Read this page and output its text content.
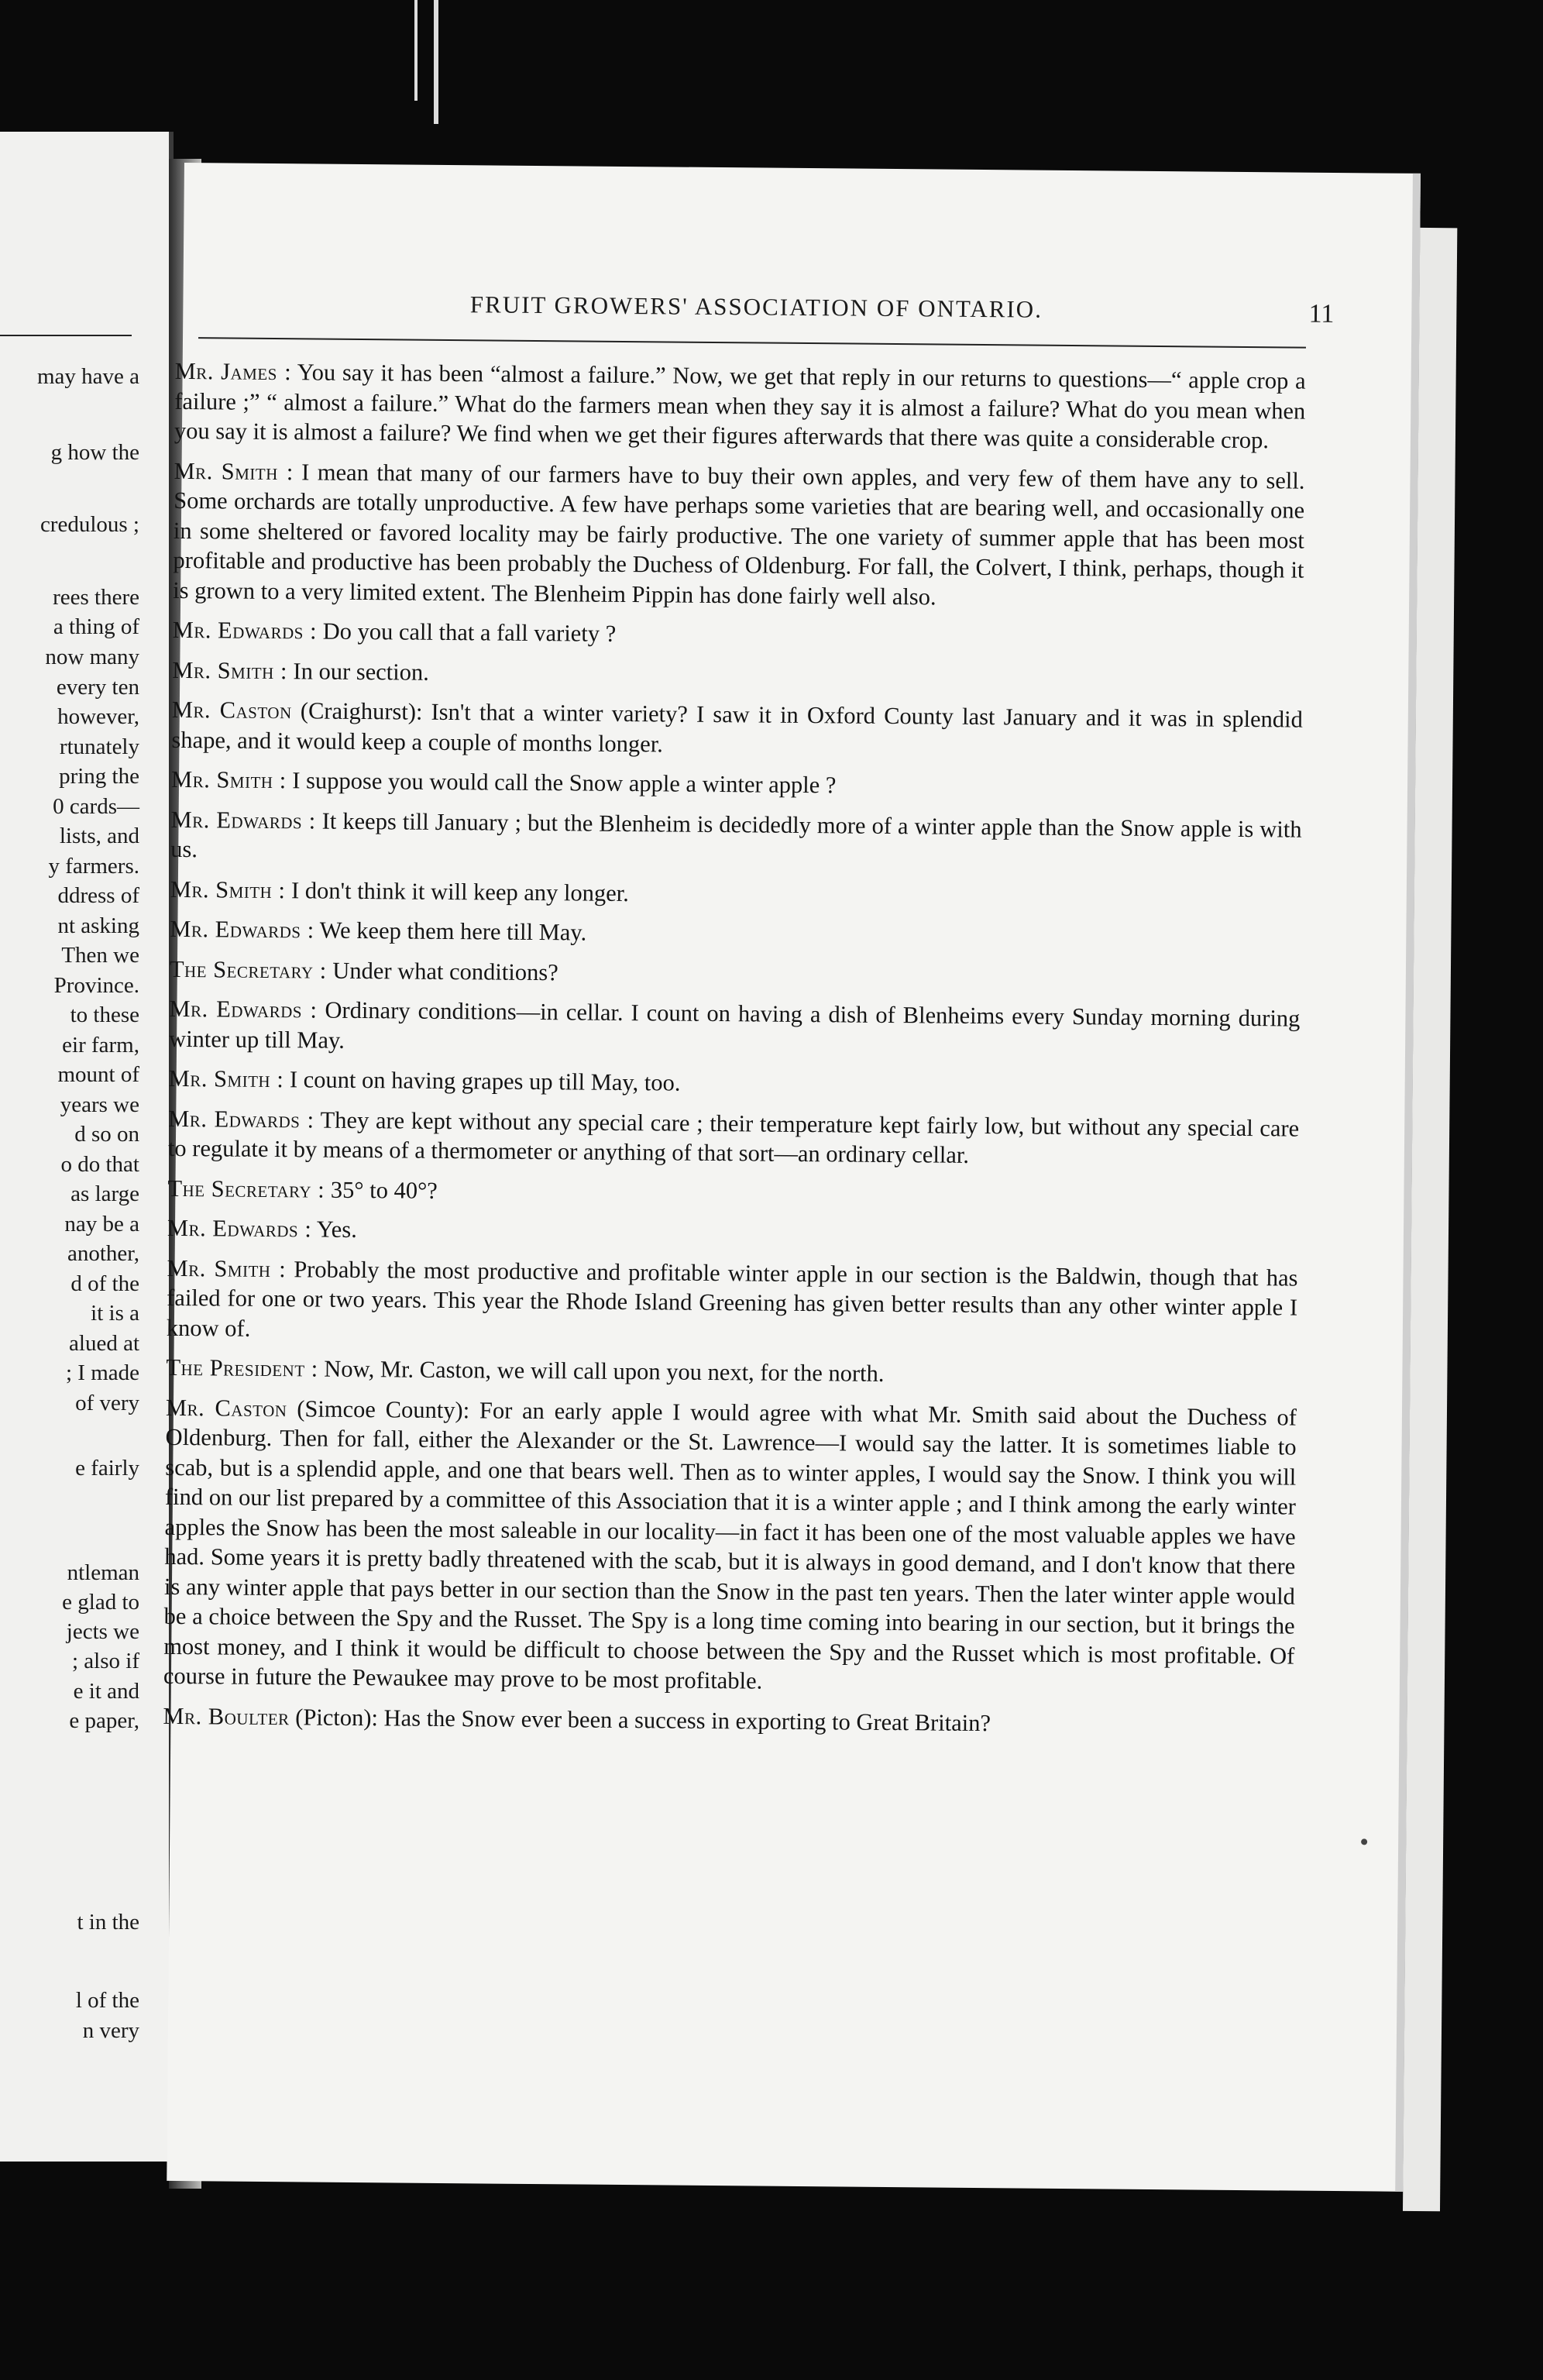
may have a
g how the
credulous ;
rees there
a thing of
now many
every ten
however,
rtunately
pring the
0 cards—
lists, and
y farmers.
ddress of
nt asking
Then we
Province.
to these
eir farm,
mount of
years we
d so on
o do that
as large
nay be a
another,
d of the
it is a
alued at
; I made
of very
e fairly
ntleman
e glad to
jects we
; also if
e it and
e paper,
t in the
l of the
n very
FRUIT GROWERS' ASSOCIATION OF ONTARIO.	11

Mr. James : You say it has been “almost a failure.” Now, we get that reply in our returns to questions—“ apple crop a failure ;” “ almost a failure.” What do the farmers mean when they say it is almost a failure? What do you mean when you say it is almost a failure? We find when we get their figures afterwards that there was quite a considerable crop.

Mr. Smith : I mean that many of our farmers have to buy their own apples, and very few of them have any to sell. Some orchards are totally unproductive. A few have perhaps some varieties that are bearing well, and occasionally one in some sheltered or favored locality may be fairly productive. The one variety of summer apple that has been most profitable and productive has been probably the Duchess of Oldenburg. For fall, the Colvert, I think, perhaps, though it is grown to a very limited extent. The Blenheim Pippin has done fairly well also.

Mr. Edwards : Do you call that a fall variety ?

Mr. Smith : In our section.

Mr. Caston (Craighurst): Isn't that a winter variety? I saw it in Oxford County last January and it was in splendid shape, and it would keep a couple of months longer.

Mr. Smith : I suppose you would call the Snow apple a winter apple ?

Mr. Edwards : It keeps till January ; but the Blenheim is decidedly more of a winter apple than the Snow apple is with us.

Mr. Smith : I don't think it will keep any longer.

Mr. Edwards : We keep them here till May.

The Secretary : Under what conditions?

Mr. Edwards : Ordinary conditions—in cellar. I count on having a dish of Blenheims every Sunday morning during winter up till May.

Mr. Smith : I count on having grapes up till May, too.

Mr. Edwards : They are kept without any special care ; their temperature kept fairly low, but without any special care to regulate it by means of a thermometer or anything of that sort—an ordinary cellar.

The Secretary : 35° to 40°?

Mr. Edwards : Yes.

Mr. Smith : Probably the most productive and profitable winter apple in our section is the Baldwin, though that has failed for one or two years. This year the Rhode Island Greening has given better results than any other winter apple I know of.

The President : Now, Mr. Caston, we will call upon you next, for the north.

Mr. Caston (Simcoe County): For an early apple I would agree with what Mr. Smith said about the Duchess of Oldenburg. Then for fall, either the Alexander or the St. Lawrence—I would say the latter. It is sometimes liable to scab, but is a splendid apple, and one that bears well. Then as to winter apples, I would say the Snow. I think you will find on our list prepared by a committee of this Association that it is a winter apple ; and I think among the early winter apples the Snow has been the most saleable in our locality—in fact it has been one of the most valuable apples we have had. Some years it is pretty badly threatened with the scab, but it is always in good demand, and I don't know that there is any winter apple that pays better in our section than the Snow in the past ten years. Then the later winter apple would be a choice between the Spy and the Russet. The Spy is a long time coming into bearing in our section, but it brings the most money, and I think it would be difficult to choose between the Spy and the Russet which is most profitable. Of course in future the Pewaukee may prove to be most profitable.

Mr. Boulter (Picton): Has the Snow ever been a success in exporting to Great Britain?
